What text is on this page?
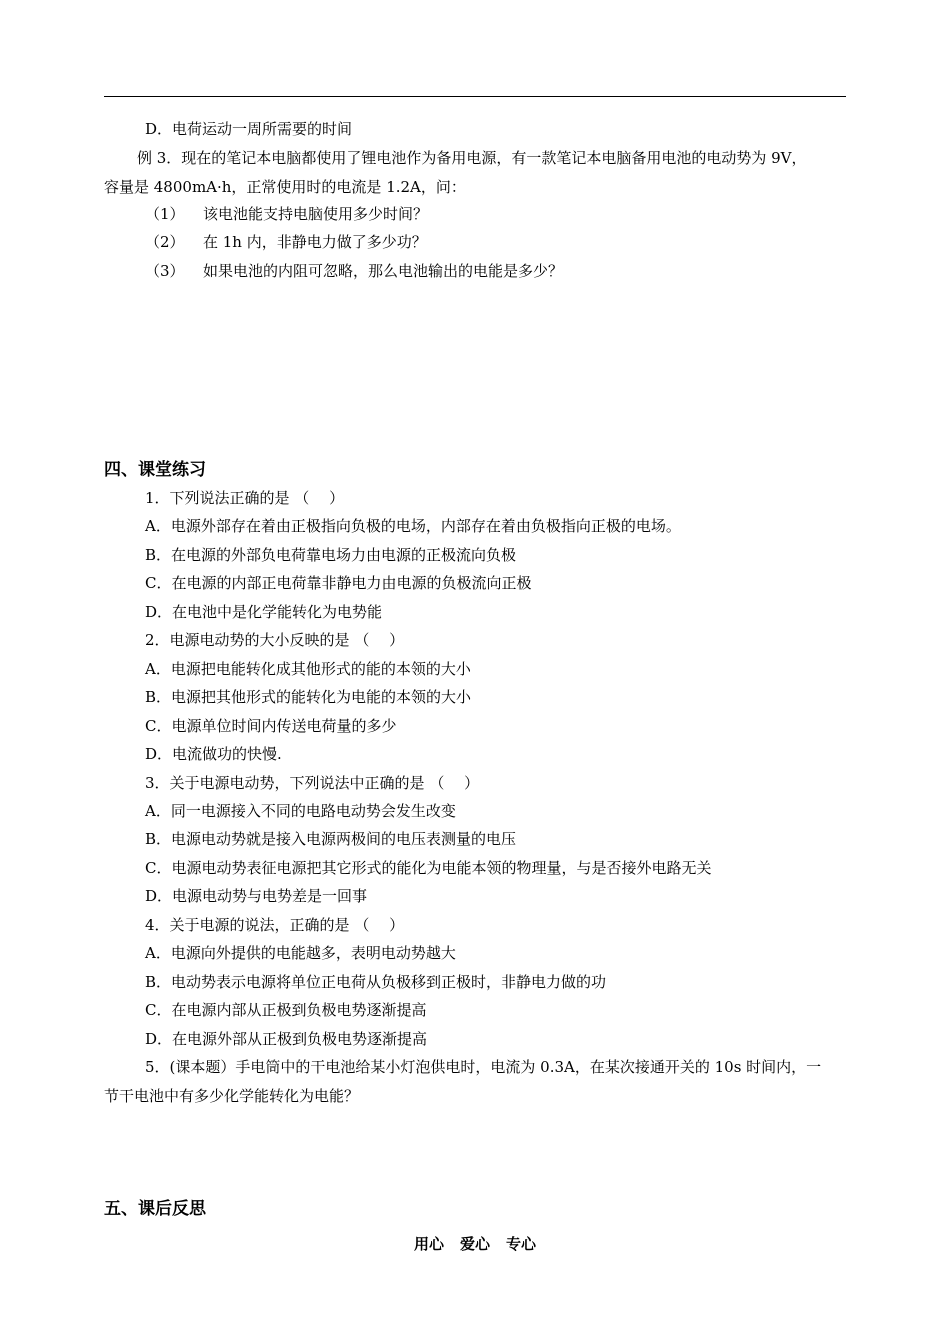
D．电荷运动一周所需要的时间
例 3．现在的笔记本电脑都使用了锂电池作为备用电源，有一款笔记本电脑备用电池的电动势为 9V，
容量是 4800mA·h，正常使用时的电流是 1.2A，问：
（1） 该电池能支持电脑使用多少时间？
（2） 在 1h 内，非静电力做了多少功？
（3） 如果电池的内阻可忽略，那么电池输出的电能是多少？
四、课堂练习
1．下列说法正确的是 （　 ）
A．电源外部存在着由正极指向负极的电场，内部存在着由负极指向正极的电场。
B．在电源的外部负电荷靠电场力由电源的正极流向负极
C．在电源的内部正电荷靠非静电力由电源的负极流向正极
D．在电池中是化学能转化为电势能
2．电源电动势的大小反映的是 （　 ）
A．电源把电能转化成其他形式的能的本领的大小
B．电源把其他形式的能转化为电能的本领的大小
C．电源单位时间内传送电荷量的多少
D．电流做功的快慢.
3．关于电源电动势，下列说法中正确的是 （　 ）
A．同一电源接入不同的电路电动势会发生改变
B．电源电动势就是接入电源两极间的电压表测量的电压
C．电源电动势表征电源把其它形式的能化为电能本领的物理量，与是否接外电路无关
D．电源电动势与电势差是一回事
4．关于电源的说法，正确的是 （　 ）
A．电源向外提供的电能越多，表明电动势越大
B．电动势表示电源将单位正电荷从负极移到正极时，非静电力做的功
C．在电源内部从正极到负极电势逐渐提高
D．在电源外部从正极到负极电势逐渐提高
5．(课本题）手电筒中的干电池给某小灯泡供电时，电流为 0.3A，在某次接通开关的 10s 时间内，一
节干电池中有多少化学能转化为电能？
五、课后反思
用心 爱心 专心
